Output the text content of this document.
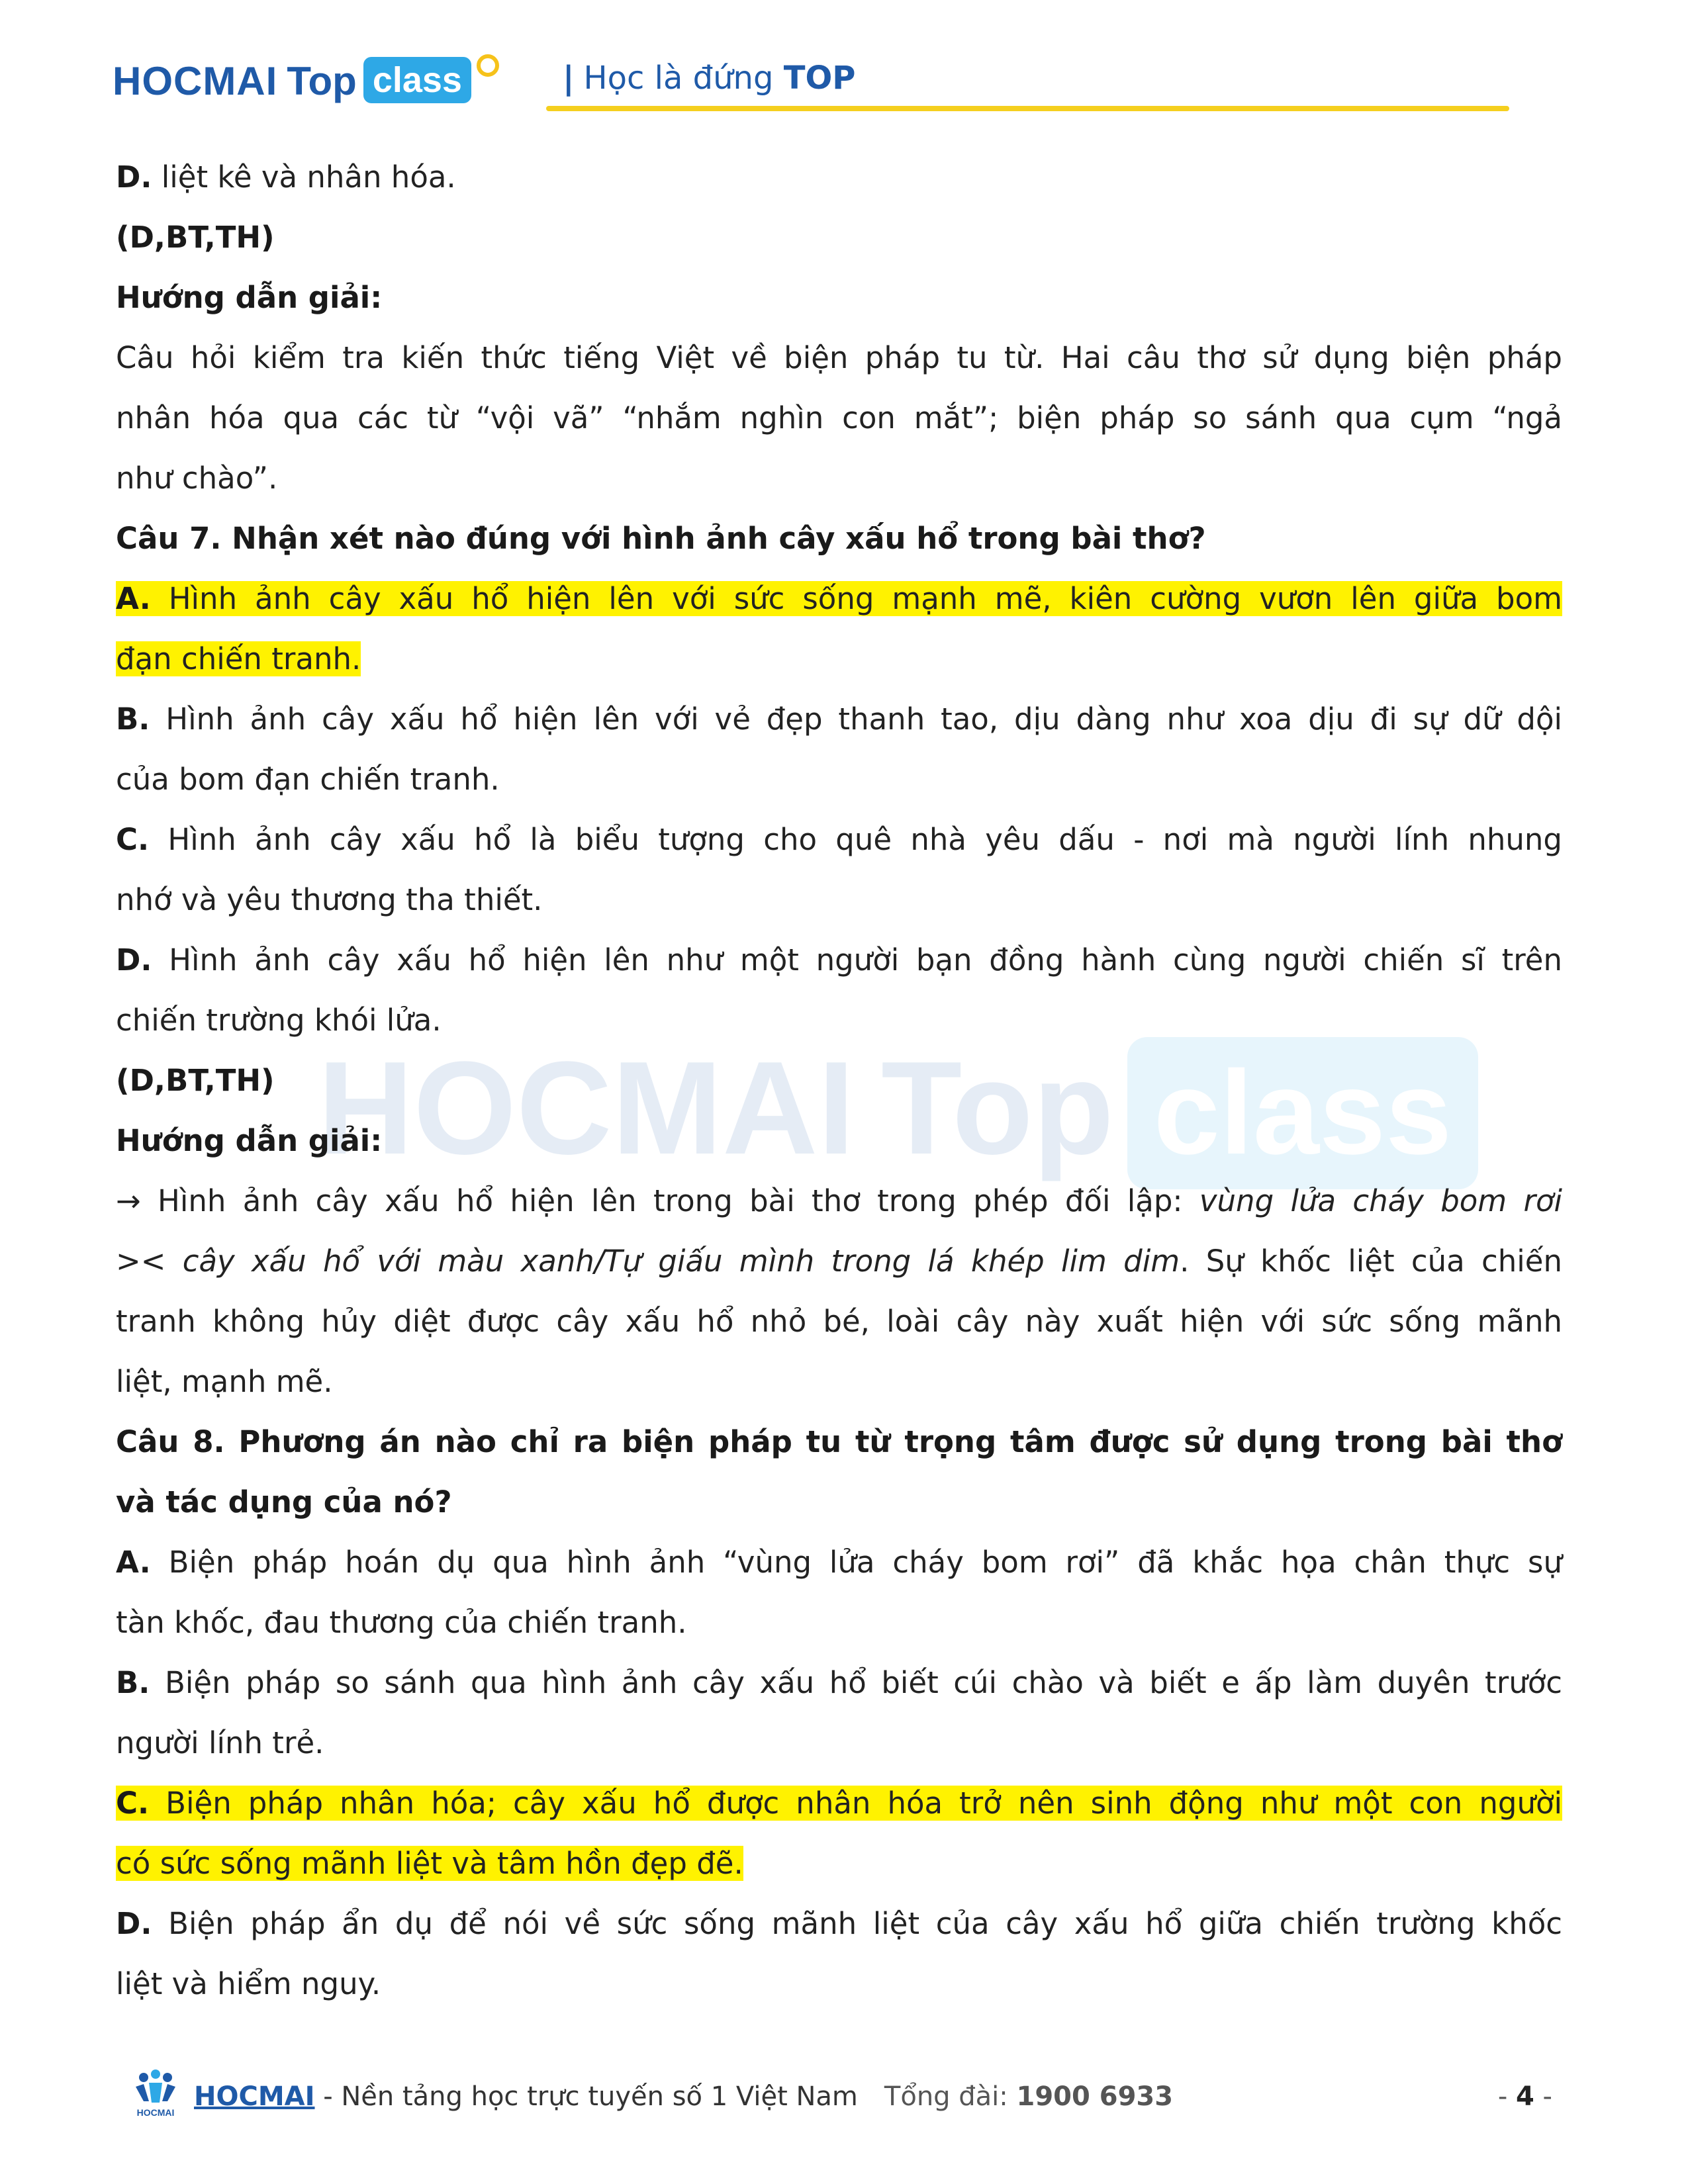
HOCMAI Top class	| Học là đứng TOP
HOCMAI Top class
D. liệt kê và nhân hóa.
(D,BT,TH)
Hướng dẫn giải:
Câu hỏi kiểm tra kiến thức tiếng Việt về biện pháp tu từ. Hai câu thơ sử dụng biện pháp
nhân hóa qua các từ “vội vã” “nhắm nghìn con mắt”; biện pháp so sánh qua cụm “ngả
như chào”.
Câu 7. Nhận xét nào đúng với hình ảnh cây xấu hổ trong bài thơ?
A. Hình ảnh cây xấu hổ hiện lên với sức sống mạnh mẽ, kiên cường vươn lên giữa bom
đạn chiến tranh.
B. Hình ảnh cây xấu hổ hiện lên với vẻ đẹp thanh tao, dịu dàng như xoa dịu đi sự dữ dội
của bom đạn chiến tranh.
C. Hình ảnh cây xấu hổ là biểu tượng cho quê nhà yêu dấu - nơi mà người lính nhung
nhớ và yêu thương tha thiết.
D. Hình ảnh cây xấu hổ hiện lên như một người bạn đồng hành cùng người chiến sĩ trên
chiến trường khói lửa.
(D,BT,TH)
Hướng dẫn giải:
→ Hình ảnh cây xấu hổ hiện lên trong bài thơ trong phép đối lập: vùng lửa cháy bom rơi
>< cây xấu hổ với màu xanh/Tự giấu mình trong lá khép lim dim. Sự khốc liệt của chiến
tranh không hủy diệt được cây xấu hổ nhỏ bé, loài cây này xuất hiện với sức sống mãnh
liệt, mạnh mẽ.
Câu 8. Phương án nào chỉ ra biện pháp tu từ trọng tâm được sử dụng trong bài thơ
và tác dụng của nó?
A. Biện pháp hoán dụ qua hình ảnh “vùng lửa cháy bom rơi” đã khắc họa chân thực sự
tàn khốc, đau thương của chiến tranh.
B. Biện pháp so sánh qua hình ảnh cây xấu hổ biết cúi chào và biết e ấp làm duyên trước
người lính trẻ.
C. Biện pháp nhân hóa; cây xấu hổ được nhân hóa trở nên sinh động như một con người
có sức sống mãnh liệt và tâm hồn đẹp đẽ.
D. Biện pháp ẩn dụ để nói về sức sống mãnh liệt của cây xấu hổ giữa chiến trường khốc
liệt và hiểm nguy.
HOCMAI
HOCMAI - Nền tảng học trực tuyến số 1 Việt Nam Tổng đài: 1900 6933	- 4 -
